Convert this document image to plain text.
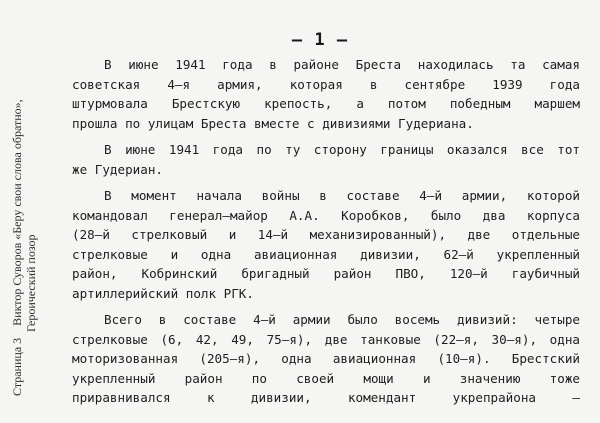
Страница 3Виктор Суворов «Беру свои слова обратно», Героический позор
– 1 –
В июне 1941 года в районе Бреста находилась та самая
советская 4–я армия, которая в сентябре 1939 года
штурмовала Брестскую крепость, а потом победным маршем
прошла по улицам Бреста вместе с дивизиями Гудериана.
В июне 1941 года по ту сторону границы оказался все тот
же Гудериан.
В момент начала войны в составе 4–й армии, которой
командовал генерал–майор А.А. Коробков, было два корпуса
(28–й стрелковый и 14–й механизированный), две отдельные
стрелковые и одна авиационная дивизии, 62–й укрепленный
район, Кобринский бригадный район ПВО, 120–й гаубичный
артиллерийский полк РГК.
Всего в составе 4–й армии было восемь дивизий: четыре
стрелковые (6, 42, 49, 75–я), две танковые (22–я, 30–я), одна
моторизованная (205–я), одна авиационная (10–я). Брестский
укрепленный район по своей мощи и значению тоже
приравнивался к дивизии, комендант укрепрайона –
